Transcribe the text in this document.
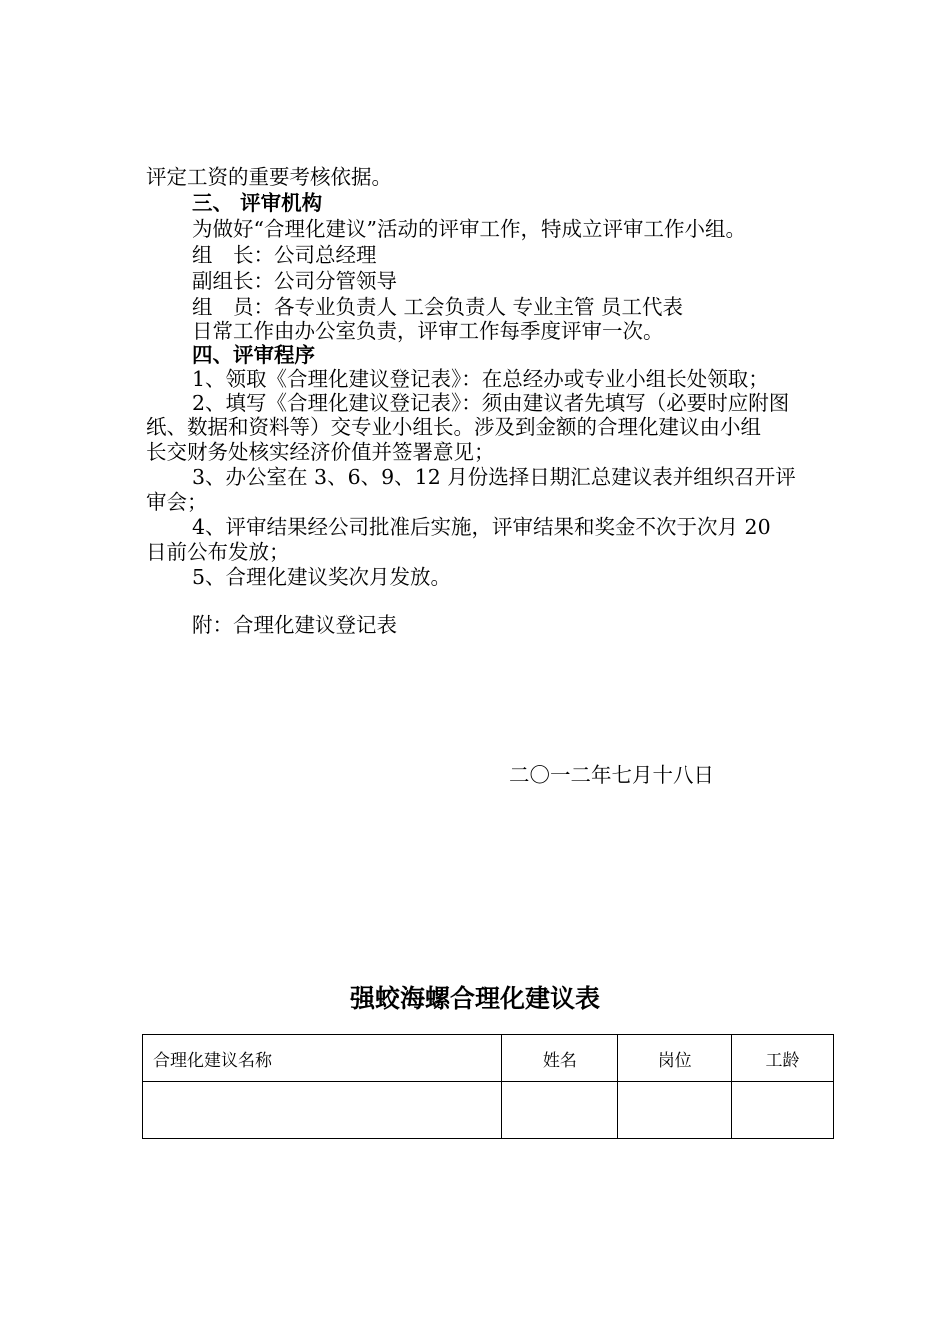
评定工资的重要考核依据。
三、 评审机构
为做好“合理化建议”活动的评审工作，特成立评审工作小组。
组　长：公司总经理
副组长：公司分管领导
组　员：各专业负责人 工会负责人 专业主管 员工代表
日常工作由办公室负责，评审工作每季度评审一次。
四、评审程序
1、领取《合理化建议登记表》：在总经办或专业小组长处领取；
2、填写《合理化建议登记表》：须由建议者先填写（必要时应附图
纸、数据和资料等）交专业小组长。涉及到金额的合理化建议由小组
长交财务处核实经济价值并签署意见；
3、办公室在 3、6、9、12 月份选择日期汇总建议表并组织召开评
审会；
4、评审结果经公司批准后实施，评审结果和奖金不次于次月 20
日前公布发放；
5、合理化建议奖次月发放。
附：合理化建议登记表
二〇一二年七月十八日
强蛟海螺合理化建议表
合理化建议名称	姓名	岗位	工龄
